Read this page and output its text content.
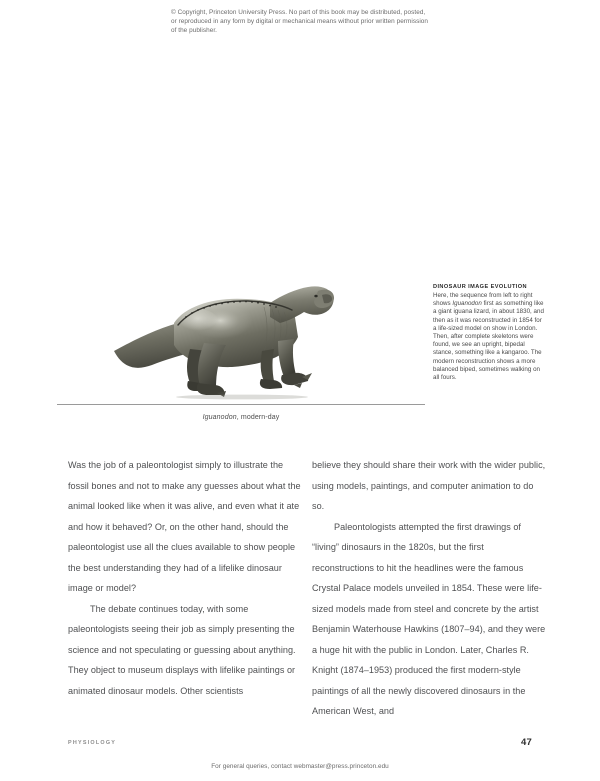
© Copyright, Princeton University Press. No part of this book may be distributed, posted, or reproduced in any form by digital or mechanical means without prior written permission of the publisher.
Iguanodon, modern-day
DINOSAUR IMAGE EVOLUTION
Here, the sequence from left to right shows Iguanodon first as something like a giant iguana lizard, in about 1830, and then as it was reconstructed in 1854 for a life-sized model on show in London. Then, after complete skeletons were found, we see an upright, bipedal stance, something like a kangaroo. The modern reconstruction shows a more balanced biped, sometimes walking on all fours.

Was the job of a paleontologist simply to illustrate the fossil bones and not to make any guesses about what the animal looked like when it was alive, and even what it ate and how it behaved? Or, on the other hand, should the paleontologist use all the clues available to show people the best understanding they had of a lifelike dinosaur image or model?

The debate continues today, with some paleontologists seeing their job as simply presenting the science and not speculating or guessing about anything. They object to museum displays with lifelike paintings or animated dinosaur models. Other scientists

believe they should share their work with the wider public, using models, paintings, and computer animation to do so.

Paleontologists attempted the first drawings of “living” dinosaurs in the 1820s, but the first reconstructions to hit the headlines were the famous Crystal Palace models unveiled in 1854. These were life-sized models made from steel and concrete by the artist Benjamin Waterhouse Hawkins (1807–94), and they were a huge hit with the public in London. Later, Charles R. Knight (1874–1953) produced the first modern-style paintings of all the newly discovered dinosaurs in the American West, and

PHYSIOLOGY	47
For general queries, contact webmaster@press.princeton.edu
